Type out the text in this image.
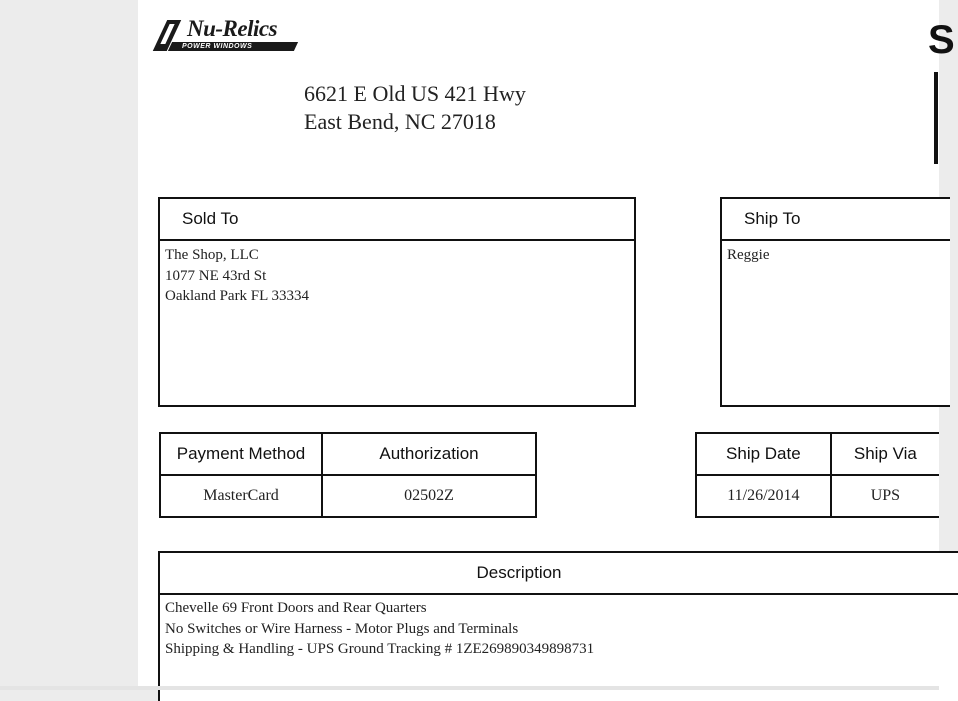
Nu-Relics
POWER WINDOWS
6621 E Old US 421 Hwy
East Bend, NC 27018
S
Sold To
The Shop, LLC
1077 NE 43rd St
Oakland Park FL 33334
Ship To
Reggie
Payment Method	Authorization
MasterCard	02502Z
Ship Date	Ship Via
11/26/2014	UPS
Description
Chevelle 69 Front Doors and Rear Quarters
No Switches or Wire Harness - Motor Plugs and Terminals
Shipping & Handling - UPS Ground Tracking # 1ZE269890349898731
